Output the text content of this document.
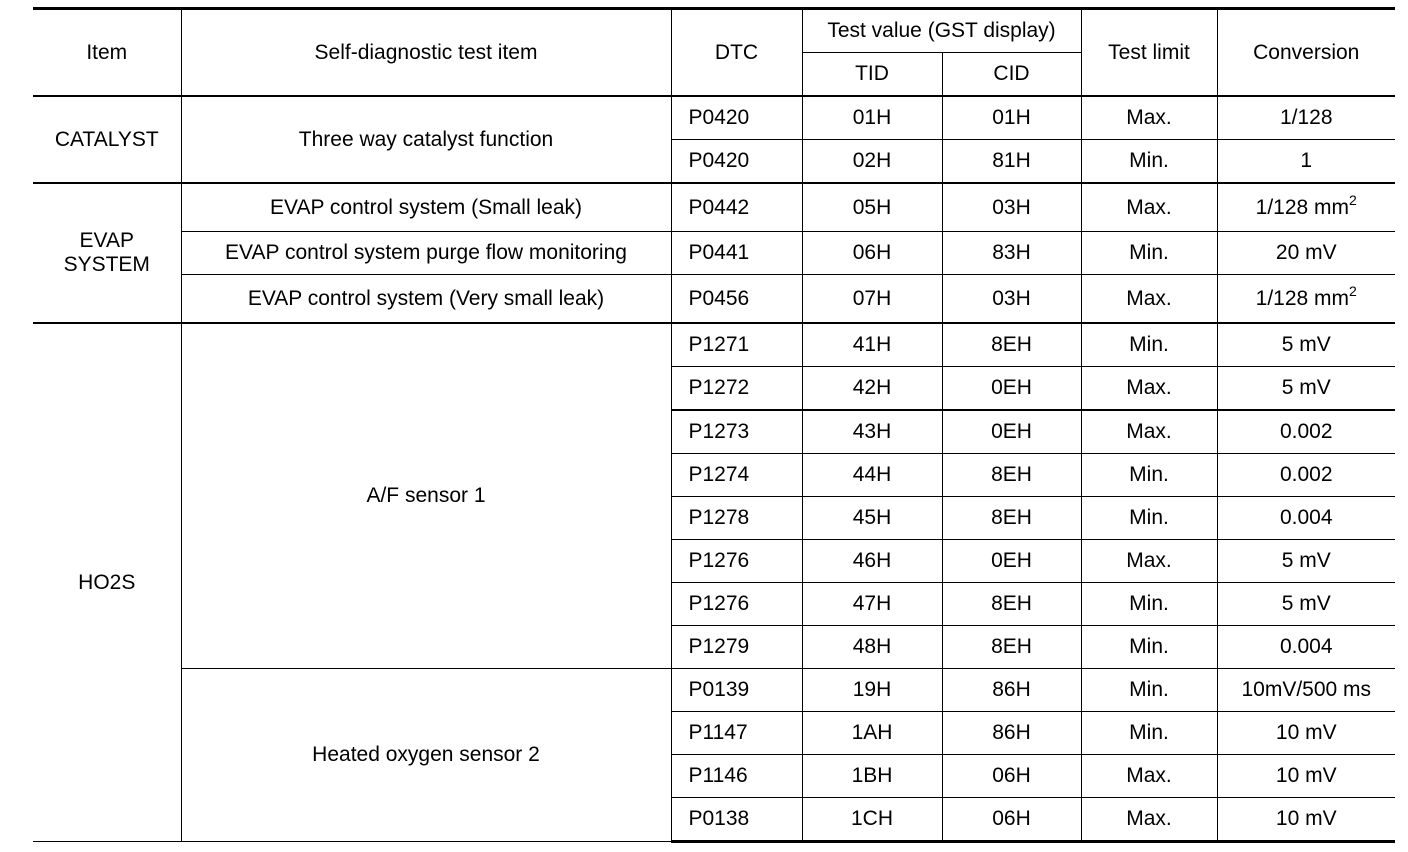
Item	Self-diagnostic test item	DTC	Test value (GST display)		Test limit	Conversion
			TID	CID		
CATALYST	Three way catalyst function	P0420	01H	01H	Max.	1/128
		P0420	02H	81H	Min.	1
EVAP SYSTEM	EVAP control system (Small leak)	P0442	05H	03H	Max.	1/128 $mm^2$
	EVAP control system purge flow monitoring	P0441	06H	83H	Min.	20 mV
	EVAP control system (Very small leak)	P0456	07H	03H	Max.	1/128 $mm^2$
HO2S	A/F sensor 1	P1271	41H	8EH	Min.	5 mV
		P1272	42H	0EH	Max.	5 mV
		P1273	43H	0EH	Max.	0.002
		P1274	44H	8EH	Min.	0.002
		P1278	45H	8EH	Min.	0.004
		P1276	46H	0EH	Max.	5 mV
		P1276	47H	8EH	Min.	5 mV
		P1279	48H	8EH	Min.	0.004
	Heated oxygen sensor 2	P0139	19H	86H	Min.	10mV/500 ms
		P1147	1AH	86H	Min.	10 mV
		P1146	1BH	06H	Max.	10 mV
		P0138	1CH	06H	Max.	10 mV
